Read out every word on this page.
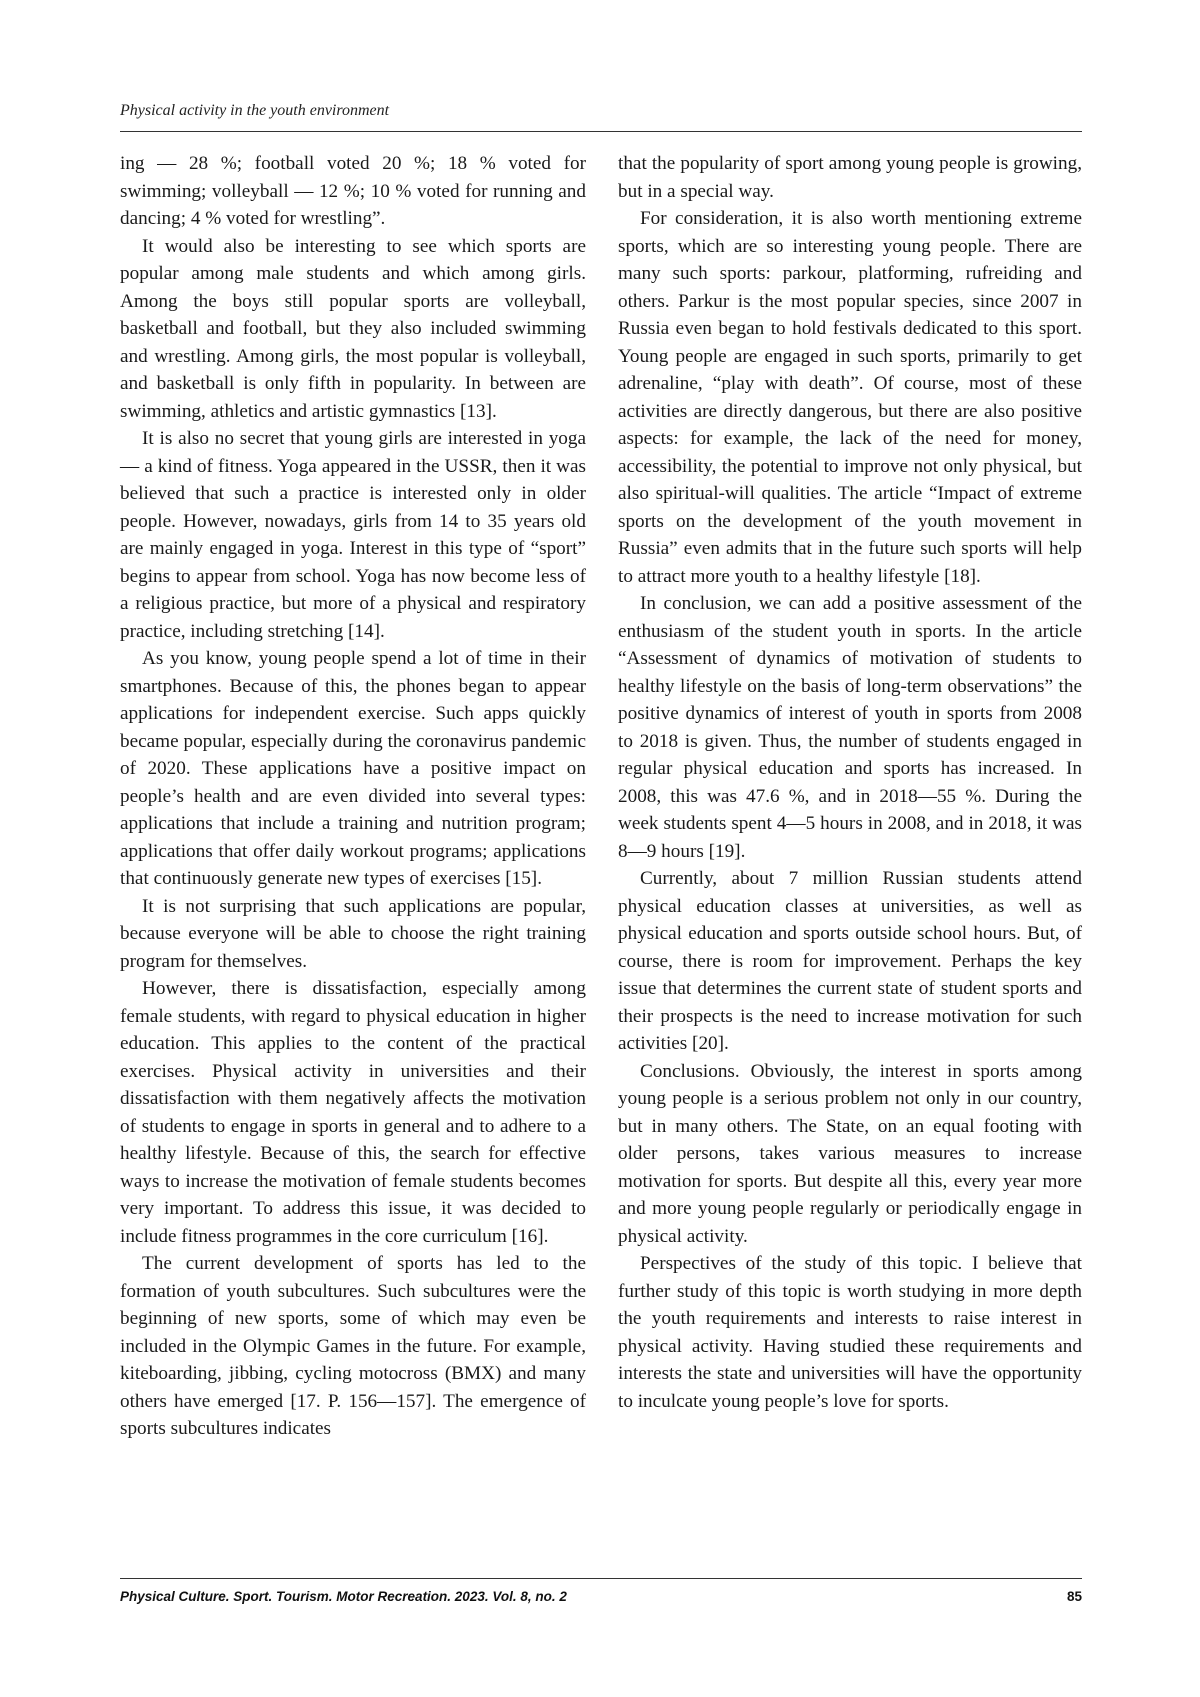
Physical activity in the youth environment

ing — 28 %; football voted 20 %; 18 % voted for swimming; volleyball — 12 %; 10 % voted for running and dancing; 4 % voted for wrestling”.

It would also be interesting to see which sports are popular among male students and which among girls. Among the boys still popular sports are volleyball, basketball and football, but they also included swimming and wrestling. Among girls, the most popular is volleyball, and basketball is only fifth in popularity. In between are swimming, athletics and artistic gymnastics [13].

It is also no secret that young girls are interested in yoga — a kind of fitness. Yoga appeared in the USSR, then it was believed that such a practice is interested only in older people. However, nowadays, girls from 14 to 35 years old are mainly engaged in yoga. Interest in this type of “sport” begins to appear from school. Yoga has now become less of a religious practice, but more of a physical and respiratory practice, including stretching [14].

As you know, young people spend a lot of time in their smartphones. Because of this, the phones began to appear applications for independent exercise. Such apps quickly became popular, especially during the coronavirus pandemic of 2020. These applications have a positive impact on people’s health and are even divided into several types: applications that include a training and nutrition program; applications that offer daily workout programs; applications that continuously generate new types of exercises [15].

It is not surprising that such applications are popular, because everyone will be able to choose the right training program for themselves.

However, there is dissatisfaction, especially among female students, with regard to physical education in higher education. This applies to the content of the practical exercises. Physical activity in universities and their dissatisfaction with them negatively affects the motivation of students to engage in sports in general and to adhere to a healthy lifestyle. Because of this, the search for effective ways to increase the motivation of female students becomes very important. To address this issue, it was decided to include fitness programmes in the core curriculum [16].

The current development of sports has led to the formation of youth subcultures. Such subcultures were the beginning of new sports, some of which may even be included in the Olympic Games in the future. For example, kiteboarding, jibbing, cycling motocross (BMX) and many others have emerged [17. P. 156—157]. The emergence of sports subcultures indicates

that the popularity of sport among young people is growing, but in a special way.

For consideration, it is also worth mentioning extreme sports, which are so interesting young people. There are many such sports: parkour, platforming, rufreiding and others. Parkur is the most popular species, since 2007 in Russia even began to hold festivals dedicated to this sport. Young people are engaged in such sports, primarily to get adrenaline, “play with death”. Of course, most of these activities are directly dangerous, but there are also positive aspects: for example, the lack of the need for money, accessibility, the potential to improve not only physical, but also spiritual-will qualities. The article “Impact of extreme sports on the development of the youth movement in Russia” even admits that in the future such sports will help to attract more youth to a healthy lifestyle [18].

In conclusion, we can add a positive assessment of the enthusiasm of the student youth in sports. In the article “Assessment of dynamics of motivation of students to healthy lifestyle on the basis of long-term observations” the positive dynamics of interest of youth in sports from 2008 to 2018 is given. Thus, the number of students engaged in regular physical education and sports has increased. In 2008, this was 47.6 %, and in 2018—55 %. During the week students spent 4—5 hours in 2008, and in 2018, it was 8—9 hours [19].

Currently, about 7 million Russian students attend physical education classes at universities, as well as physical education and sports outside school hours. But, of course, there is room for improvement. Perhaps the key issue that determines the current state of student sports and their prospects is the need to increase motivation for such activities [20].

Conclusions. Obviously, the interest in sports among young people is a serious problem not only in our country, but in many others. The State, on an equal footing with older persons, takes various measures to increase motivation for sports. But despite all this, every year more and more young people regularly or periodically engage in physical activity.

Perspectives of the study of this topic. I believe that further study of this topic is worth studying in more depth the youth requirements and interests to raise interest in physical activity. Having studied these requirements and interests the state and universities will have the opportunity to inculcate young people’s love for sports.

Physical Culture. Sport. Tourism. Motor Recreation. 2023. Vol. 8, no. 2	85
